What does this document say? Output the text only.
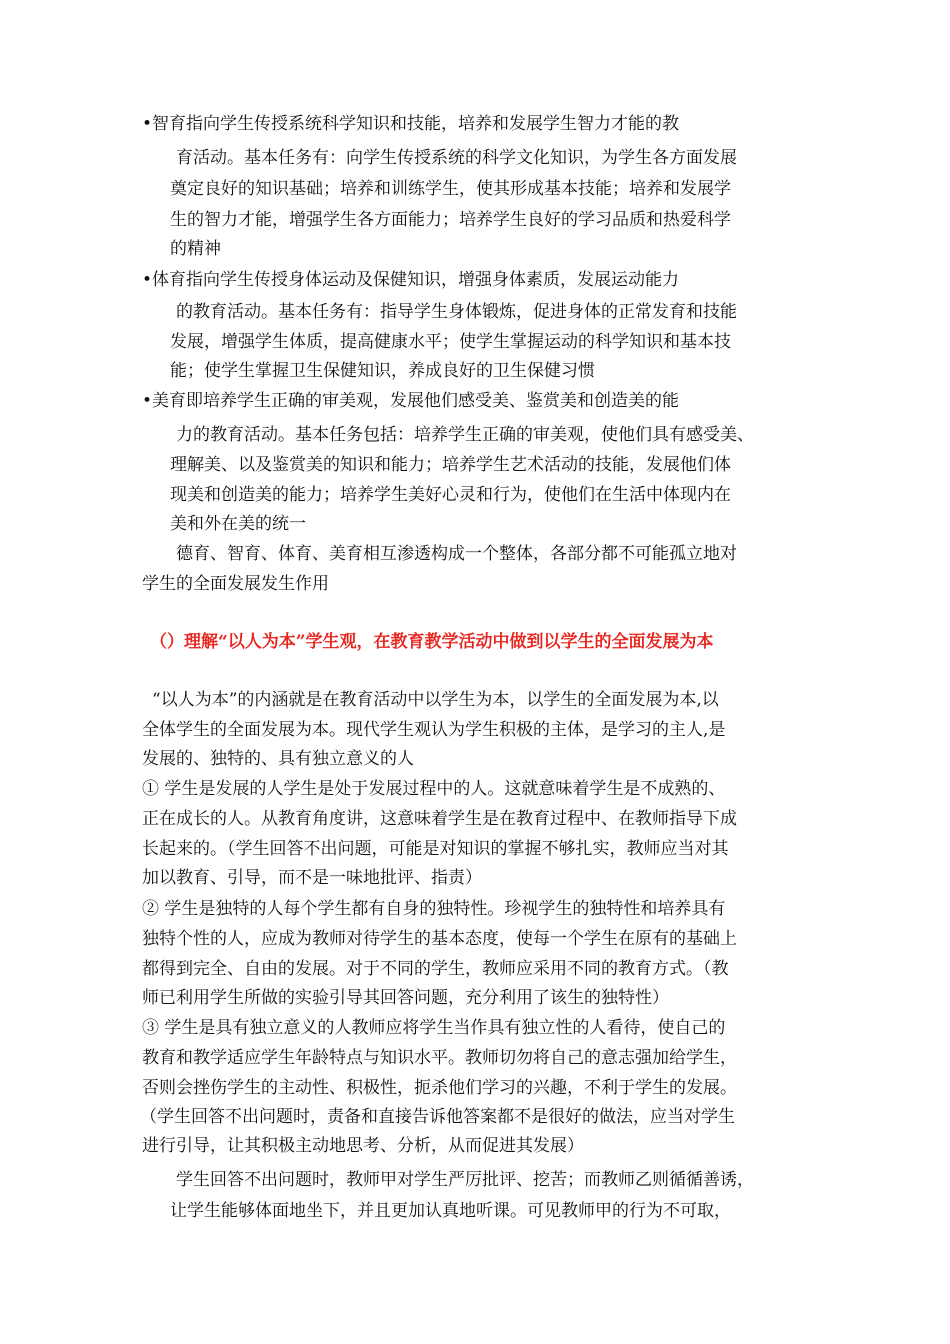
•智育指向学生传授系统科学知识和技能，培养和发展学生智力才能的教
育活动。基本任务有：向学生传授系统的科学文化知识，为学生各方面发展
奠定良好的知识基础；培养和训练学生，使其形成基本技能；培养和发展学
生的智力才能，增强学生各方面能力；培养学生良好的学习品质和热爱科学
的精神
•体育指向学生传授身体运动及保健知识，增强身体素质，发展运动能力
的教育活动。基本任务有：指导学生身体锻炼，促进身体的正常发育和技能
发展，增强学生体质，提高健康水平；使学生掌握运动的科学知识和基本技
能；使学生掌握卫生保健知识，养成良好的卫生保健习惯
•美育即培养学生正确的审美观，发展他们感受美、鉴赏美和创造美的能
力的教育活动。基本任务包括：培养学生正确的审美观，使他们具有感受美、
理解美、以及鉴赏美的知识和能力；培养学生艺术活动的技能，发展他们体
现美和创造美的能力；培养学生美好心灵和行为，使他们在生活中体现内在
美和外在美的统一
德育、智育、体育、美育相互渗透构成一个整体，各部分都不可能孤立地对
学生的全面发展发生作用
（）理解“以人为本”学生观，在教育教学活动中做到以学生的全面发展为本
“以人为本”的内涵就是在教育活动中以学生为本，以学生的全面发展为本,以
全体学生的全面发展为本。现代学生观认为学生积极的主体，是学习的主人,是
发展的、独特的、具有独立意义的人
① 学生是发展的人学生是处于发展过程中的人。这就意味着学生是不成熟的、
正在成长的人。从教育角度讲，这意味着学生是在教育过程中、在教师指导下成
长起来的。（学生回答不出问题，可能是对知识的掌握不够扎实，教师应当对其
加以教育、引导，而不是一味地批评、指责）
② 学生是独特的人每个学生都有自身的独特性。珍视学生的独特性和培养具有
独特个性的人，应成为教师对待学生的基本态度，使每一个学生在原有的基础上
都得到完全、自由的发展。对于不同的学生，教师应采用不同的教育方式。（教
师已利用学生所做的实验引导其回答问题，充分利用了该生的独特性）
③ 学生是具有独立意义的人教师应将学生当作具有独立性的人看待，使自己的
教育和教学适应学生年龄特点与知识水平。教师切勿将自己的意志强加给学生，
否则会挫伤学生的主动性、积极性，扼杀他们学习的兴趣，不利于学生的发展。
（学生回答不出问题时，责备和直接告诉他答案都不是很好的做法，应当对学生
进行引导，让其积极主动地思考、分析，从而促进其发展）
学生回答不出问题时，教师甲对学生严厉批评、挖苦；而教师乙则循循善诱，
让学生能够体面地坐下，并且更加认真地听课。可见教师甲的行为不可取，
